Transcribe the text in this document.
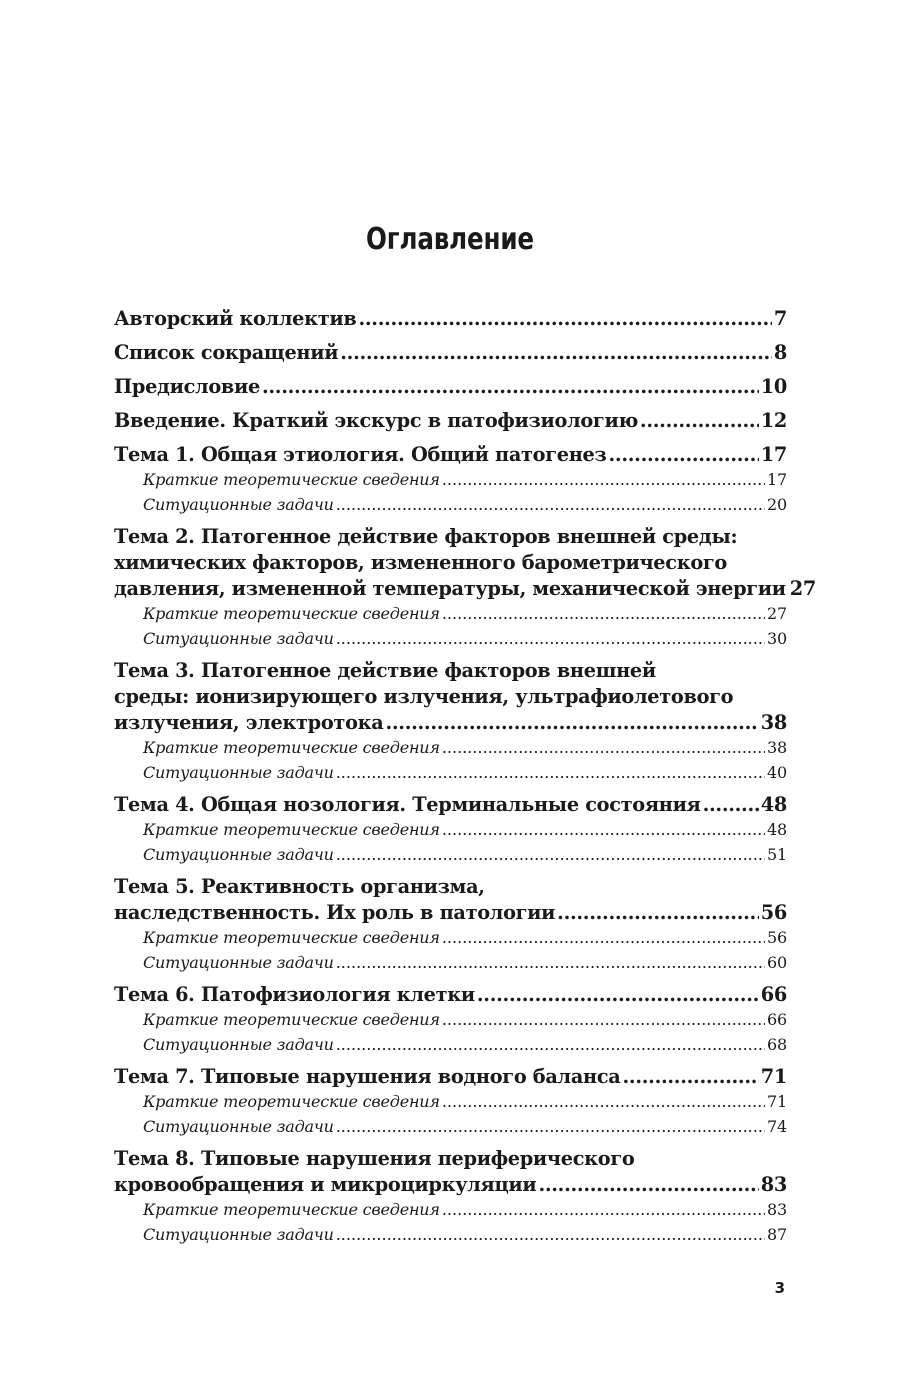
Оглавление
Авторский коллектив .....	7
Список сокращений .....	8
Предисловие .....	10
Введение. Краткий экскурс в патофизиологию .....	12
Тема 1. Общая этиология. Общий патогенез .....	17
Краткие теоретические сведения .....	17
Ситуационные задачи .....	20
Тема 2. Патогенное действие факторов внешней среды:
химических факторов, измененного барометрического
давления, измененной температуры, механической энергии 27
Краткие теоретические сведения .....	27
Ситуационные задачи .....	30
Тема 3. Патогенное действие факторов внешней
среды: ионизирующего излучения, ультрафиолетового
излучения, электротока .....	38
Краткие теоретические сведения .....	38
Ситуационные задачи .....	40
Тема 4. Общая нозология. Терминальные состояния .....	48
Краткие теоретические сведения .....	48
Ситуационные задачи .....	51
Тема 5. Реактивность организма,
наследственность. Их роль в патологии .....	56
Краткие теоретические сведения .....	56
Ситуационные задачи .....	60
Тема 6. Патофизиология клетки .....	66
Краткие теоретические сведения .....	66
Ситуационные задачи .....	68
Тема 7. Типовые нарушения водного баланса .....	71
Краткие теоретические сведения .....	71
Ситуационные задачи .....	74
Тема 8. Типовые нарушения периферического
кровообращения и микроциркуляции .....	83
Краткие теоретические сведения .....	83
Ситуационные задачи .....	87
3
